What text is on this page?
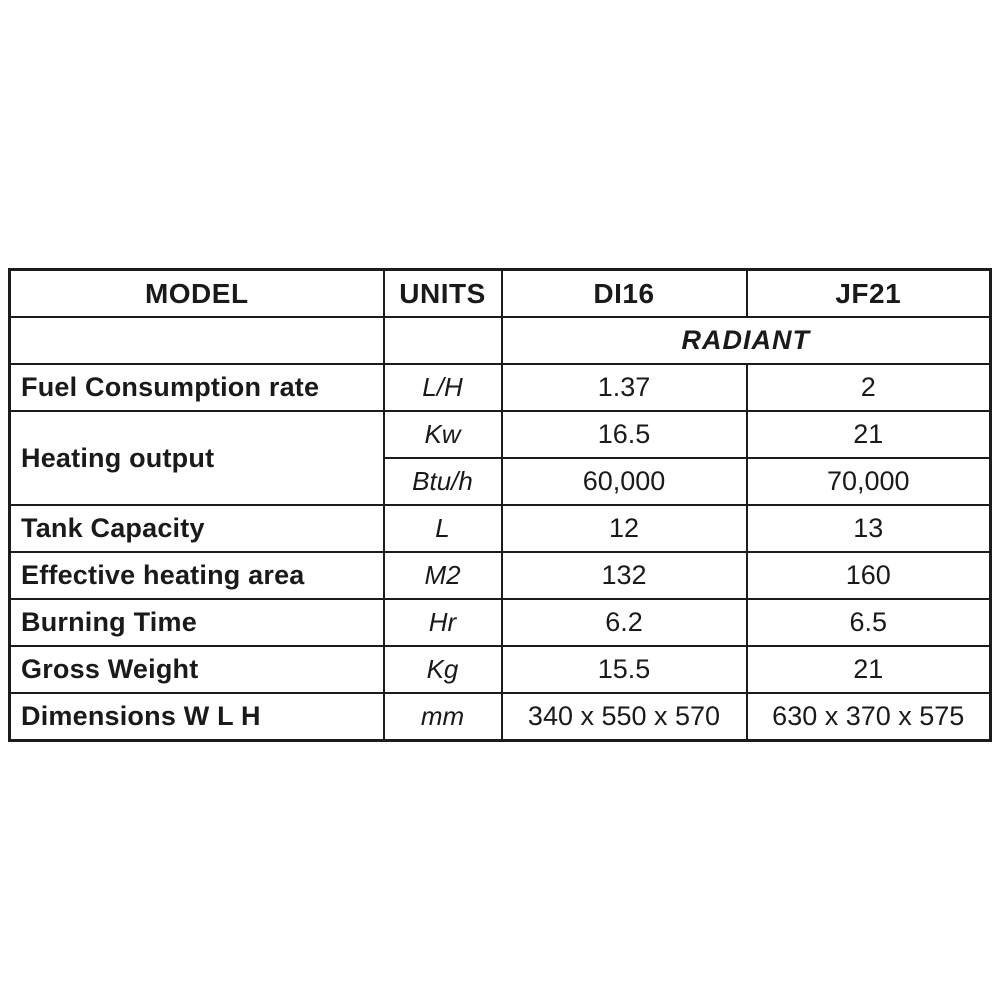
MODEL	UNITS	DI16	JF21
		RADIANT	
Fuel Consumption rate	L/H	1.37	2
Heating output	Kw	16.5	21
	Btu/h	60,000	70,000
Tank Capacity	L	12	13
Effective heating area	M2	132	160
Burning Time	Hr	6.2	6.5
Gross Weight	Kg	15.5	21
Dimensions W L H	mm	340 x 550 x 570	630 x 370 x 575
